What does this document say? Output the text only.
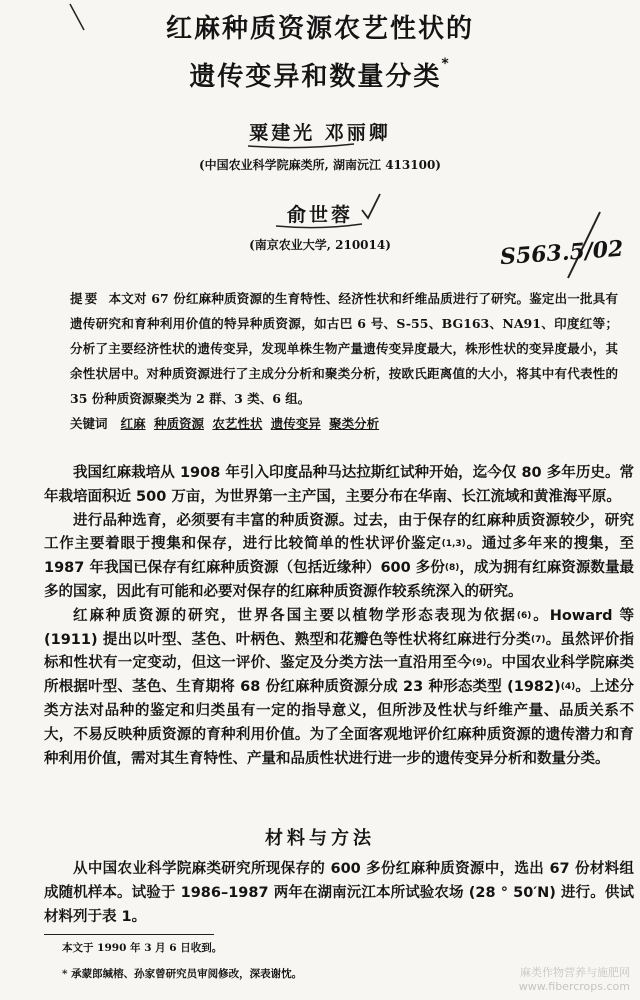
红麻种质资源农艺性状的
遗传变异和数量分类*
粟建光 邓丽卿
(中国农业科学院麻类所, 湖南沅江 413100)
俞世蓉
(南京农业大学, 210014)	S563.5/02
提要 本文对 67 份红麻种质资源的生育特性、经济性状和纤维品质进行了研究。鉴定出一批具有遗传研究和育种利用价值的特异种质资源，如古巴 6 号、S-55、BG163、NA91、印度红等；分析了主要经济性状的遗传变异，发现单株生物产量遗传变异度最大，株形性状的变异度最小，其余性状居中。对种质资源进行了主成分分析和聚类分析，按欧氏距离值的大小，将其中有代表性的 35 份种质资源聚类为 2 群、3 类、6 组。
关键词 红麻 种质资源 农艺性状 遗传变异 聚类分析

我国红麻栽培从 1908 年引入印度品种马达拉斯红试种开始，迄今仅 80 多年历史。常年栽培面积近 500 万亩，为世界第一主产国，主要分布在华南、长江流域和黄淮海平原。

进行品种选育，必须要有丰富的种质资源。过去，由于保存的红麻种质资源较少，研究工作主要着眼于搜集和保存，进行比较简单的性状评价鉴定$^{(1,3)}$。通过多年来的搜集，至 1987 年我国已保存有红麻种质资源（包括近缘种）600 多份$^{(8)}$，成为拥有红麻资源数量最多的国家，因此有可能和必要对保存的红麻种质资源作较系统深入的研究。

红麻种质资源的研究，世界各国主要以植物学形态表现为依据$^{(6)}$。Howard 等 (1911) 提出以叶型、茎色、叶柄色、熟型和花瓣色等性状将红麻进行分类$^{(7)}$。虽然评价指标和性状有一定变动，但这一评价、鉴定及分类方法一直沿用至今$^{(9)}$。中国农业科学院麻类所根据叶型、茎色、生育期将 68 份红麻种质资源分成 23 种形态类型 $(1982)^{(4)}$。上述分类方法对品种的鉴定和归类虽有一定的指导意义，但所涉及性状与纤维产量、品质关系不大，不易反映种质资源的育种利用价值。为了全面客观地评价红麻种质资源的遗传潜力和育种利用价值，需对其生育特性、产量和品质性状进行进一步的遗传变异分析和数量分类。

材料与方法

从中国农业科学院麻类研究所现保存的 600 多份红麻种质资源中，选出 67 份材料组成随机样本。试验于 1986–1987 两年在湖南沅江本所试验农场 (28 ° 50′N) 进行。供试材料列于表 1。

本文于 1990 年 3 月 6 日收到。
* 承蒙郎缄榕、孙家曾研究员审阅修改，深表谢忱。	麻类作物营养与施肥网
www.fibercrops.com
